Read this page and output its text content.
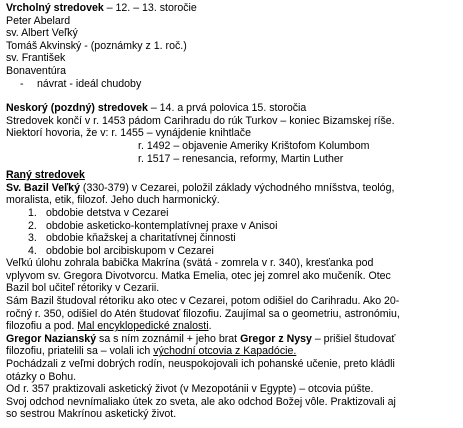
Vrcholný stredovek – 12. – 13. storočie
Peter Abelard
sv. Albert Veľký
Tomáš Akvinský - (poznámky z 1. roč.)
sv. František
Bonaventúra
- návrat - ideál chudoby
Neskorý (pozdný) stredovek – 14. a prvá polovica 15. storočia
Stredovek končí v r. 1453 pádom Carihradu do rúk Turkov – koniec Bizamskej ríše.
Niektorí hovoria, že v: r. 1455 – vynájdenie knihtlače
r. 1492 – objavenie Ameriky Krištofom Kolumbom
r. 1517 – renesancia, reformy, Martin Luther
Raný stredovek
Sv. Bazil Veľký (330-379) v Cezarei, položil základy východného mníšstva, teológ,
moralista, etik, filozof. Jeho duch harmonický.
1. obdobie detstva v Cezarei
2. obdobie asketicko-kontemplatívnej praxe v Anisoi
3. obdobie kňažskej a charitatívnej činnosti
4. obdobie bol arcibiskupom v Cezarei
Veľkú úlohu zohrala babička Makrína (svätá - zomrela v r. 340), kresťanka pod
vplyvom sv. Gregora Divotvorcu. Matka Emelia, otec jej zomrel ako mučeník. Otec
Bazil bol učiteľ rétoriky v Cezarii.
Sám Bazil študoval rétoriku ako otec v Cezarei, potom odišiel do Carihradu. Ako 20-
ročný r. 350, odišiel do Atén študovať filozofiu. Zaujímal sa o geometriu, astronómiu,
filozofiu a pod. Mal encyklopedické znalosti.
Gregor Nazianský sa s ním zoznámil + jeho brat Gregor z Nysy – prišiel študovať
filozofiu, priatelili sa – volali ich východní otcovia z Kapadócie.
Pochádzali z veľmi dobrých rodín, neuspokojovali ich pohanské učenie, preto kládli
otázky o Bohu.
Od r. 357 praktizovali asketický život (v Mezopotánii v Egypte) – otcovia púšte.
Svoj odchod nevnímaliako útek zo sveta, ale ako odchod Božej vôle. Praktizovali aj
so sestrou Makrínou asketický život.
